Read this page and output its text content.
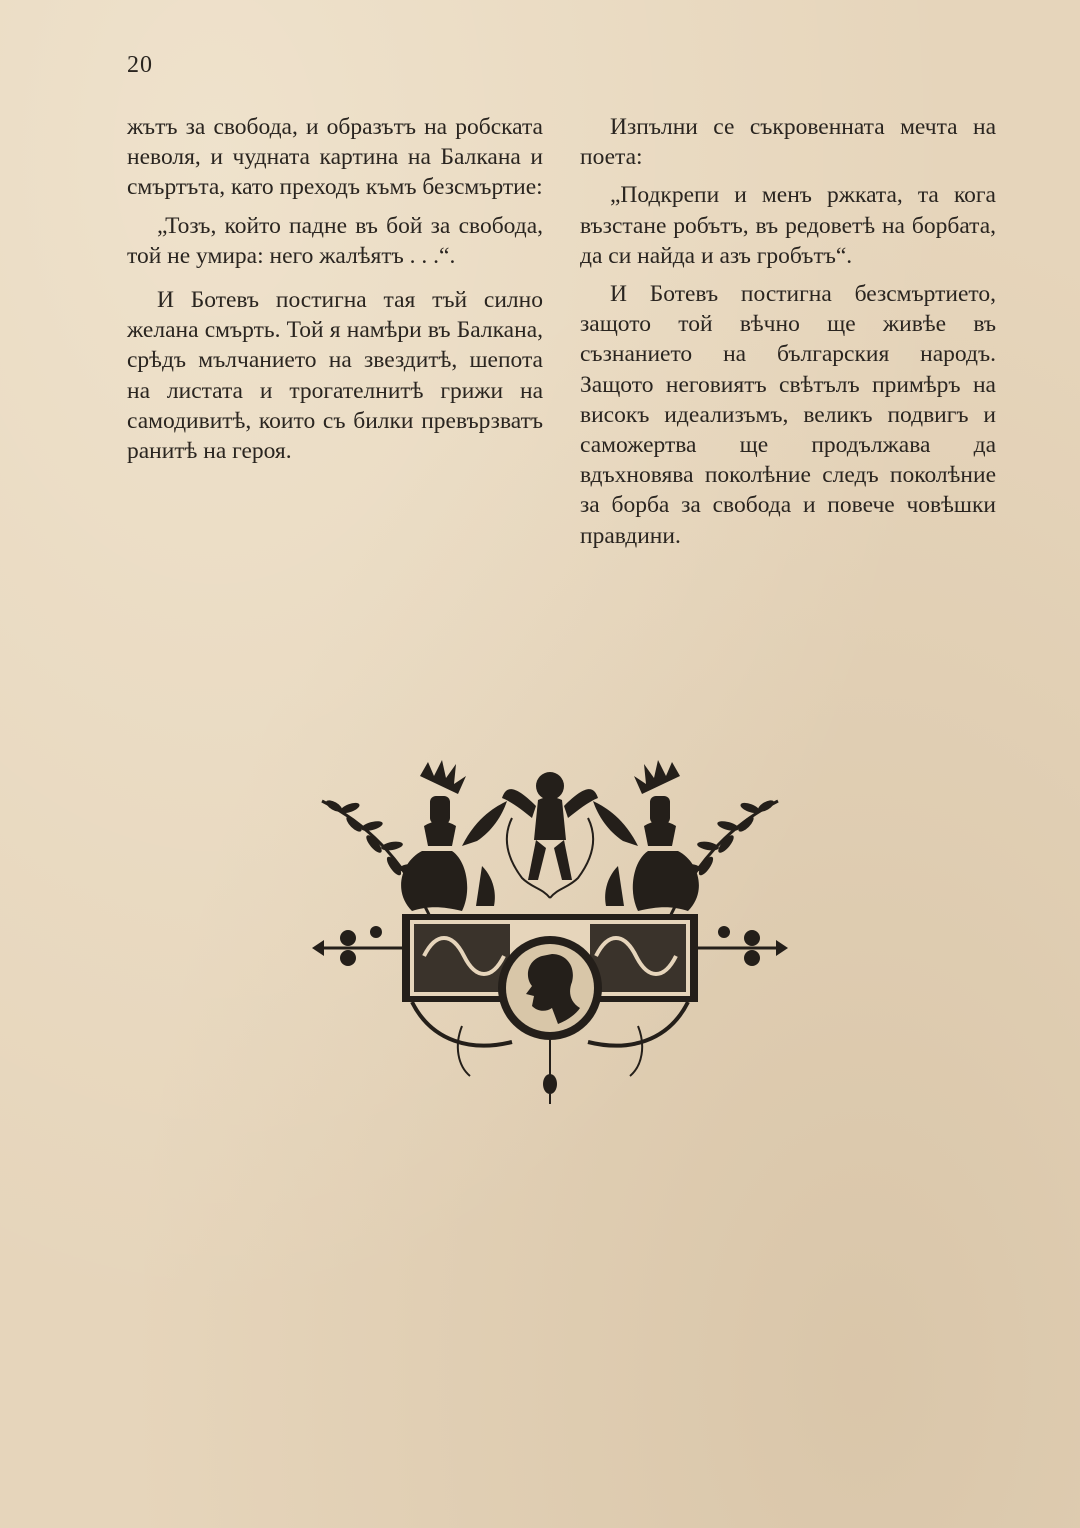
20

жътъ за свобода, и образътъ на робската неволя, и чудната картина на Балкана и смъртъта, като преходъ къмъ безсмъртие:

„Тозъ, който падне въ бой за свобода, той не умира: него жалѣятъ . . .“.

И Ботевъ постигна тая тъй силно желана смърть. Той я намѣри въ Балкана, срѣдъ мълчанието на звездитѣ, шепота на листата и трогателнитѣ грижи на самодивитѣ, които съ билки превързватъ ранитѣ на героя.

Изпълни се съкровенната мечта на поета:

„Подкрепи и менъ ржката, та кога възстане робътъ, въ редоветѣ на борбата, да си найда и азъ гробътъ“.

И Ботевъ постигна безсмъртието, защото той вѣчно ще живѣе въ съзнанието на българския народъ. Защото неговиятъ свѣтълъ примѣръ на високъ идеализъмъ, великъ подвигъ и саможертва ще продължава да вдъхновява поколѣние следъ поколѣние за борба за свобода и повече човѣшки правдини.
